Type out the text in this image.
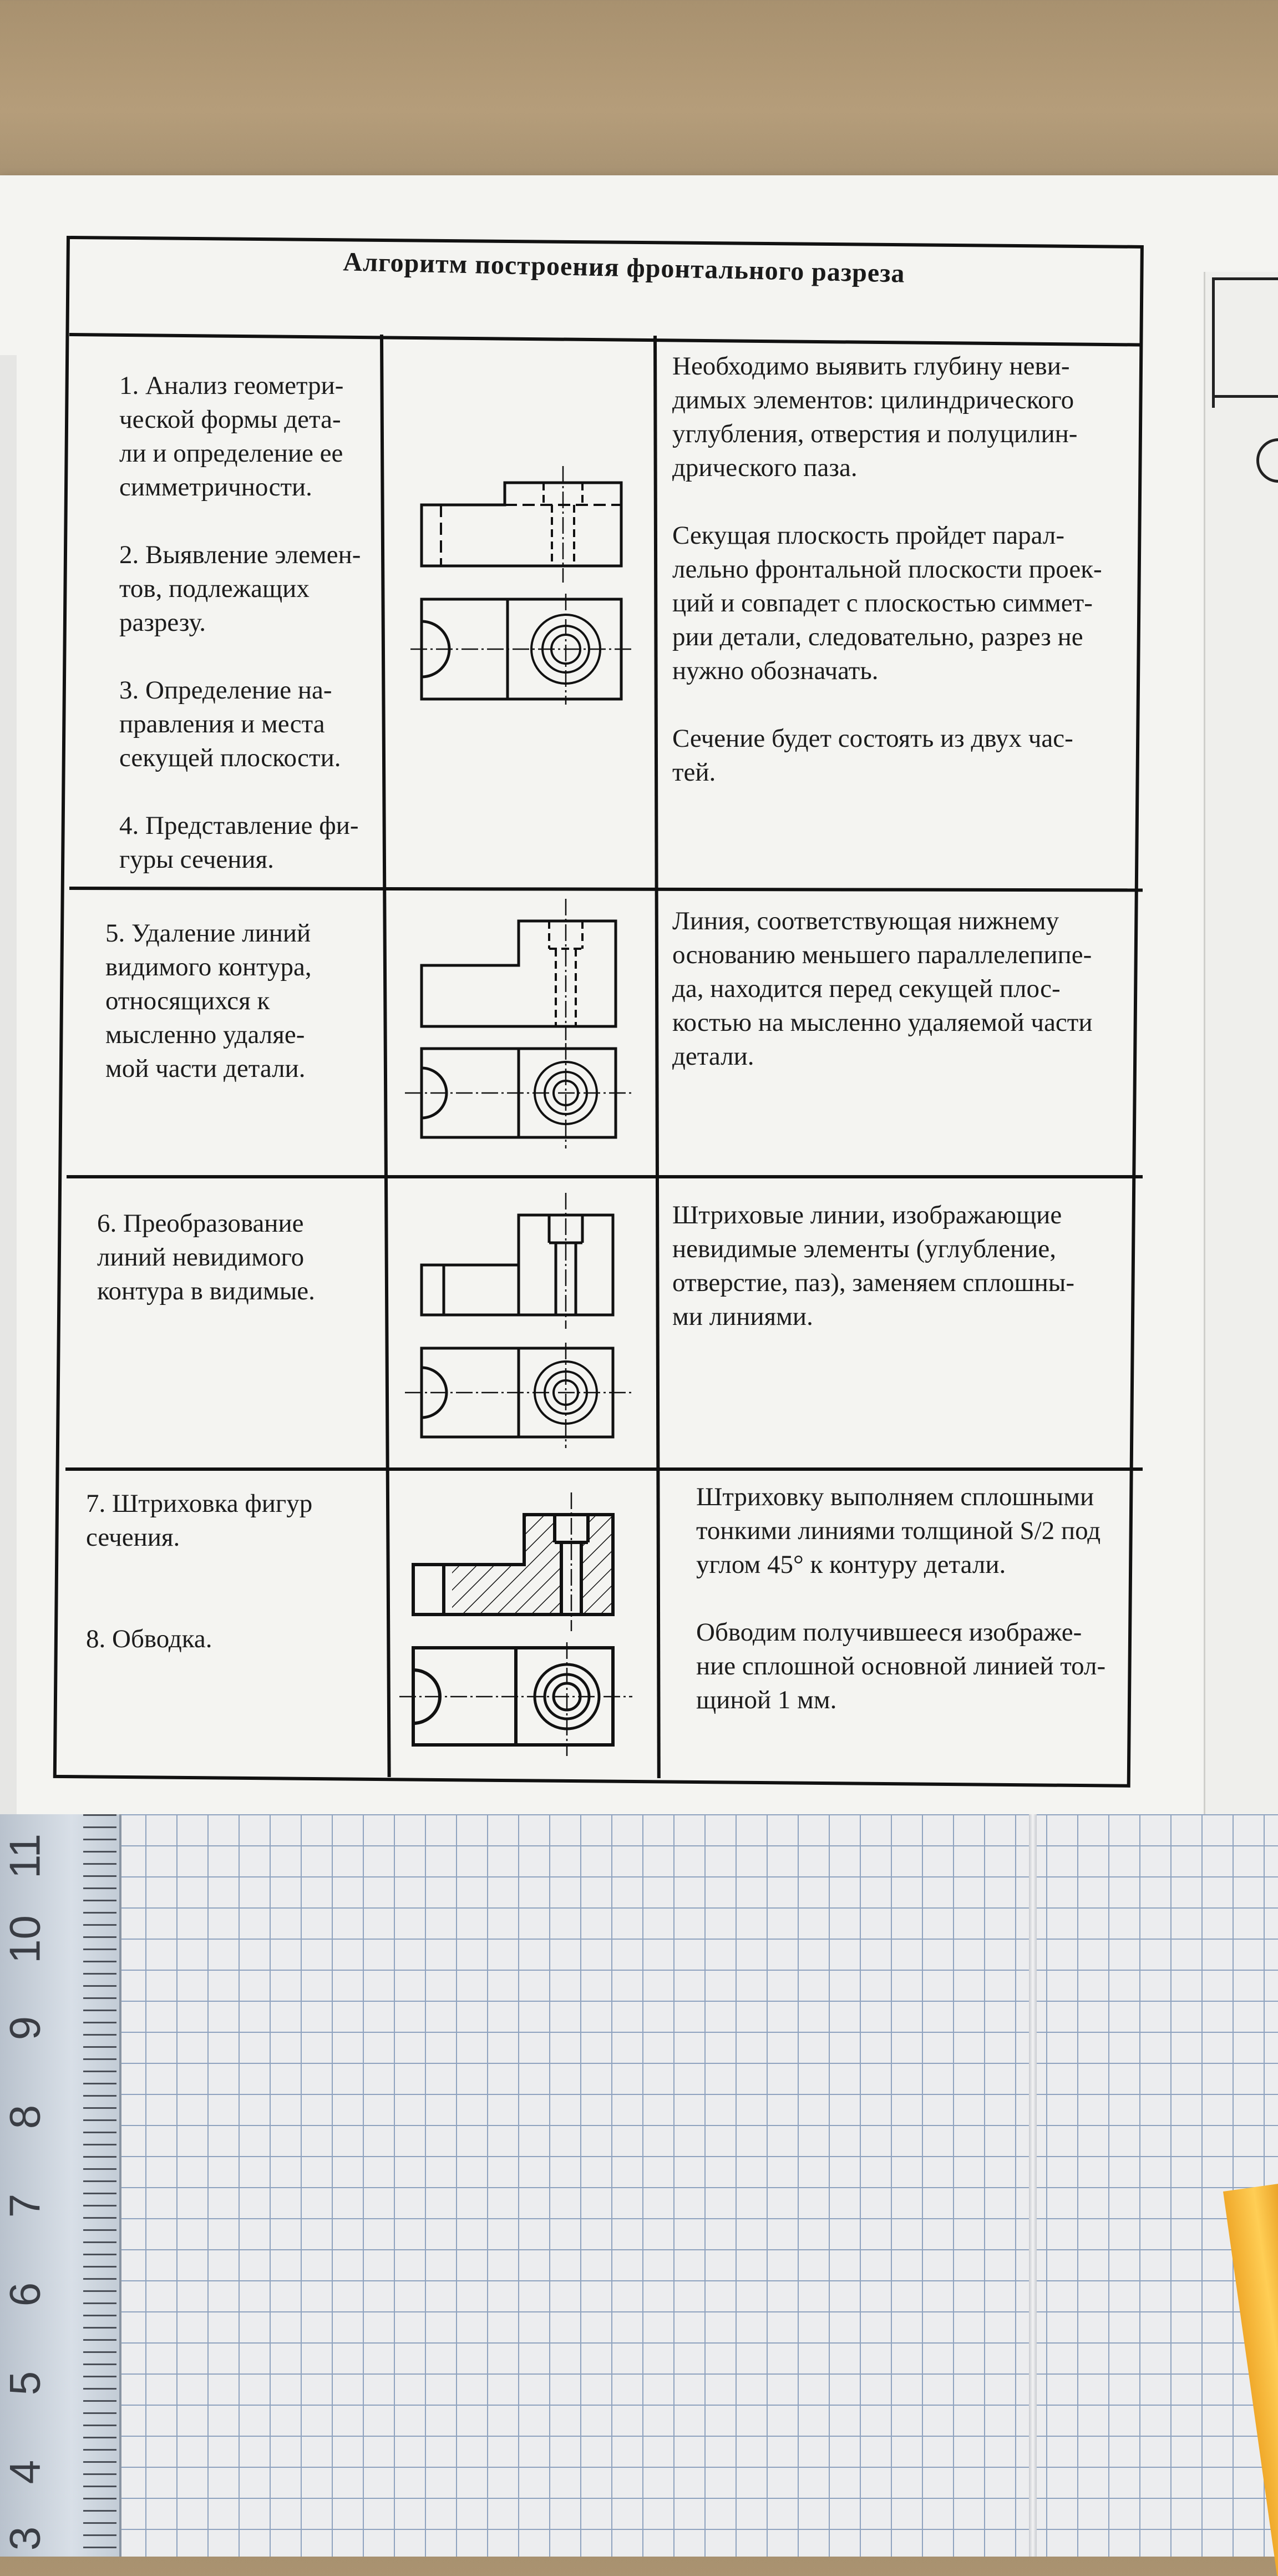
Алгоритм построения фронтального разреза
1. Анализ геометри-
ческой формы дета-
ли и определение ее
симметричности.

2. Выявление элемен-
тов, подлежащих
разрезу.

3. Определение на-
правления и места
секущей плоскости.

4. Представление фи-
гуры сечения.
Необходимо выявить глубину неви-
димых элементов: цилиндрического
углубления, отверстия и полуцилин-
дрического паза.

Секущая плоскость пройдет парал-
лельно фронтальной плоскости проек-
ций и совпадет с плоскостью симмет-
рии детали, следовательно, разрез не
нужно обозначать.

Сечение будет состоять из двух час-
тей.
5. Удаление линий
видимого контура,
относящихся к
мысленно удаляе-
мой части детали.
Линия, соответствующая нижнему
основанию меньшего параллелепипе-
да, находится перед секущей плос-
костью на мысленно удаляемой части
детали.
6. Преобразование
линий невидимого
контура в видимые.
Штриховые линии, изображающие
невидимые элементы (углубление,
отверстие, паз), заменяем сплошны-
ми линиями.
7. Штриховка фигур
сечения.

8. Обводка.
Штриховку выполняем сплошными
тонкими линиями толщиной S/2 под
углом 45° к контуру детали.

Обводим получившееся изображе-
ние сплошной основной линией тол-
щиной 1 мм.
11
10
9
8
7
6
5
4
3
